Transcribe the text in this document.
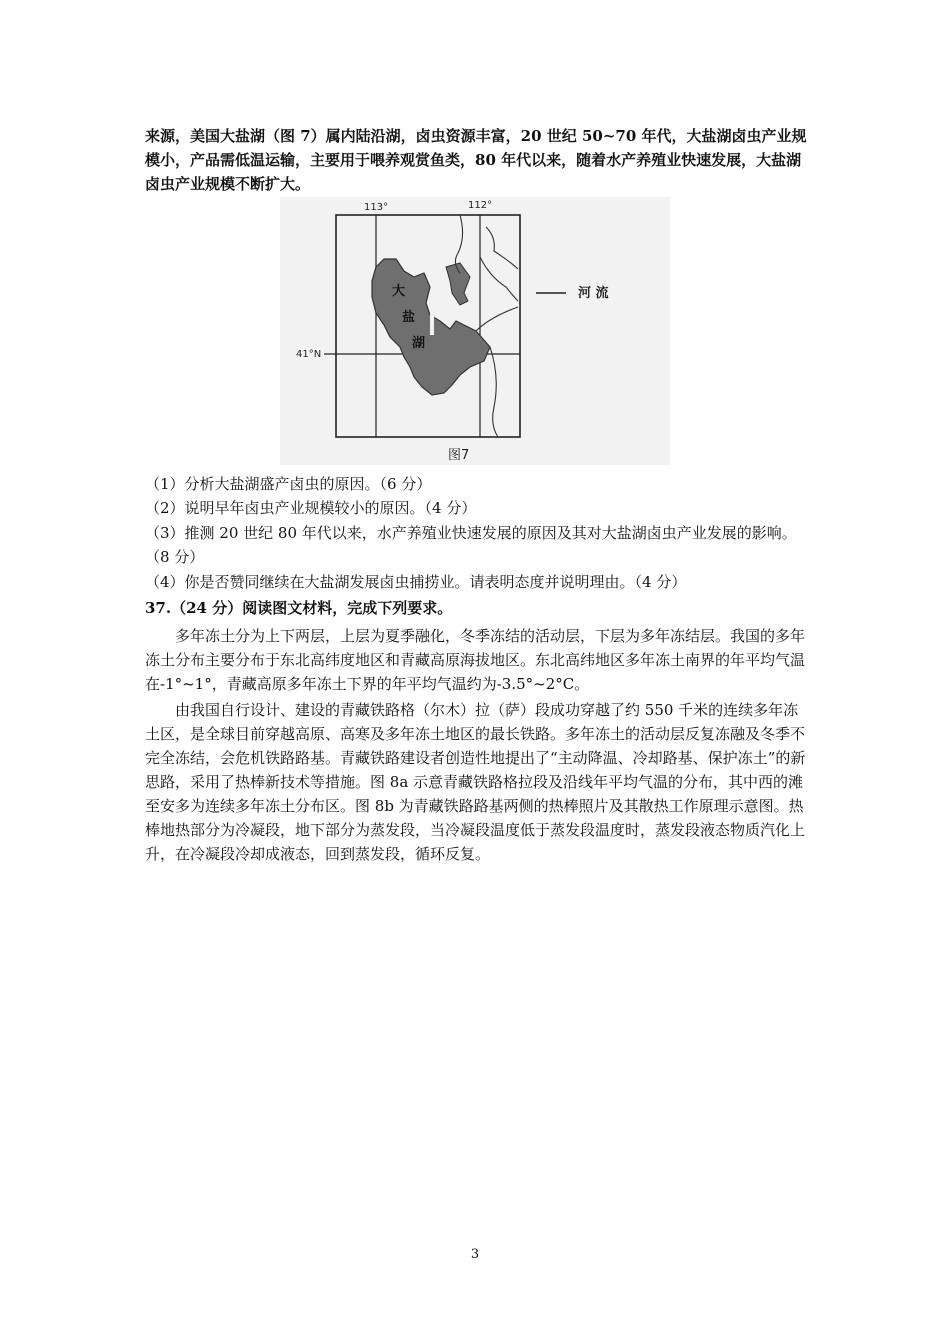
来源，美国大盐湖（图 7）属内陆沿湖，卤虫资源丰富，20 世纪 50~70 年代，大盐湖卤虫产业规模小，产品需低温运输，主要用于喂养观赏鱼类，80 年代以来，随着水产养殖业快速发展，大盐湖卤虫产业规模不断扩大。

113°	112°
41°N
大
盐
湖
河 流
图7

（1）分析大盐湖盛产卤虫的原因。（6 分）

（2）说明早年卤虫产业规模较小的原因。（4 分）

（3）推测 20 世纪 80 年代以来，水产养殖业快速发展的原因及其对大盐湖卤虫产业发展的影响。（8 分）

（4）你是否赞同继续在大盐湖发展卤虫捕捞业。请表明态度并说明理由。（4 分）

37.（24 分）阅读图文材料，完成下列要求。

多年冻土分为上下两层，上层为夏季融化，冬季冻结的活动层，下层为多年冻结层。我国的多年冻土分布主要分布于东北高纬度地区和青藏高原海拔地区。东北高纬地区多年冻土南界的年平均气温在-1°~1°，青藏高原多年冻土下界的年平均气温约为-3.5°~2°C。

由我国自行设计、建设的青藏铁路格（尔木）拉（萨）段成功穿越了约 550 千米的连续多年冻土区，是全球目前穿越高原、高寒及多年冻土地区的最长铁路。多年冻土的活动层反复冻融及冬季不完全冻结，会危机铁路路基。青藏铁路建设者创造性地提出了“主动降温、冷却路基、保护冻土”的新思路，采用了热棒新技术等措施。图 8a 示意青藏铁路格拉段及沿线年平均气温的分布，其中西的滩至安多为连续多年冻土分布区。图 8b 为青藏铁路路基两侧的热棒照片及其散热工作原理示意图。热棒地热部分为冷凝段，地下部分为蒸发段，当冷凝段温度低于蒸发段温度时，蒸发段液态物质汽化上升，在冷凝段冷却成液态，回到蒸发段，循环反复。

3
